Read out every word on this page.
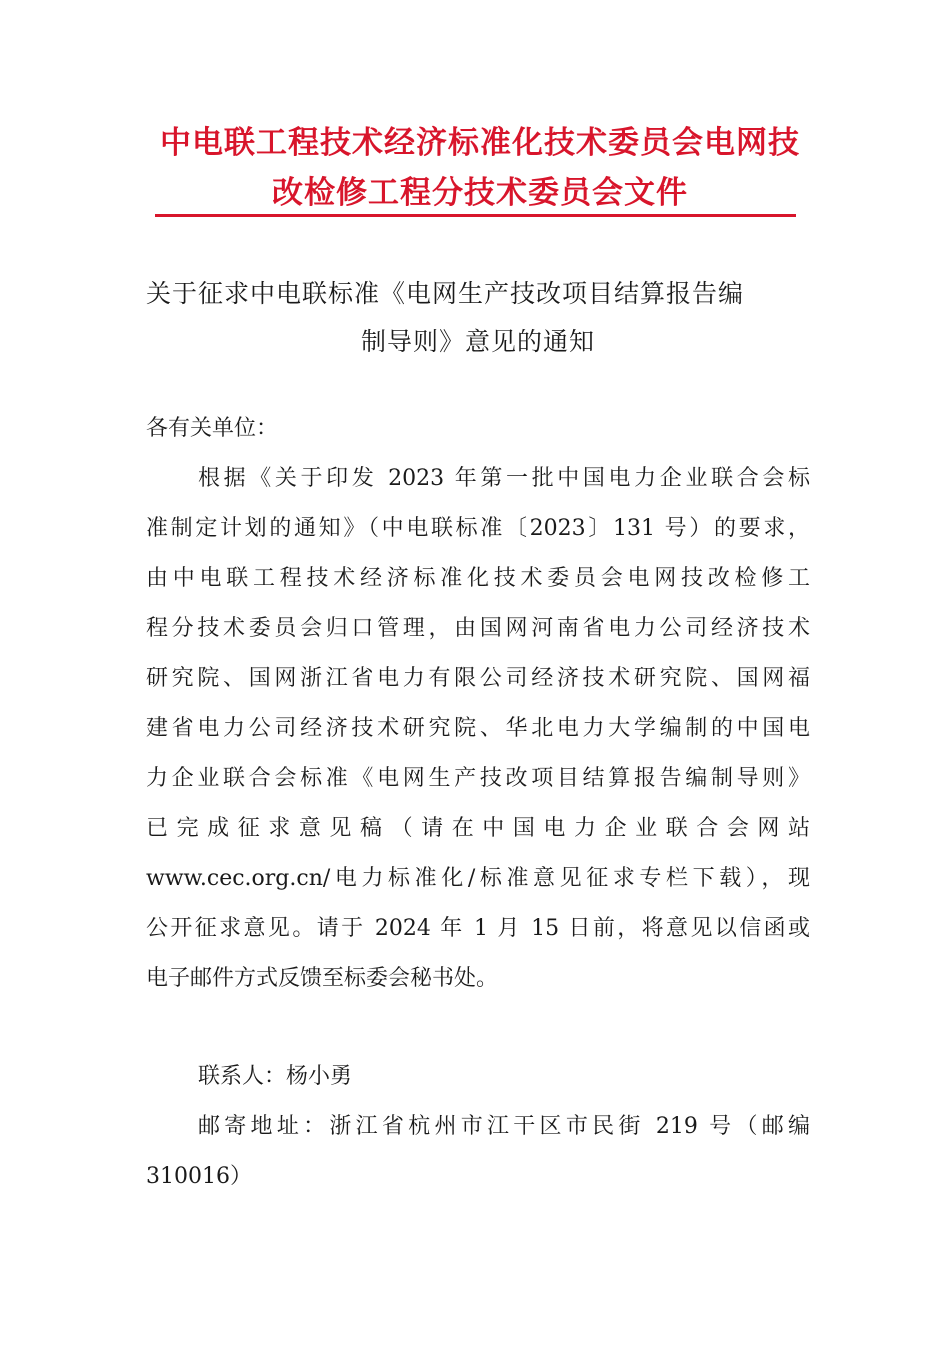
中电联工程技术经济标准化技术委员会电网技
改检修工程分技术委员会文件
关于征求中电联标准《电网生产技改项目结算报告编
制导则》意见的通知
各有关单位：
根据《关于印发 2023 年第一批中国电力企业联合会标
准制定计划的通知》（中电联标准〔2023〕131 号）的要求，
由中电联工程技术经济标准化技术委员会电网技改检修工
程分技术委员会归口管理，由国网河南省电力公司经济技术
研究院、国网浙江省电力有限公司经济技术研究院、国网福
建省电力公司经济技术研究院、华北电力大学编制的中国电
力企业联合会标准《电网生产技改项目结算报告编制导则》
已完成征求意见稿（请在中国电力企业联合会网站
www.cec.org.cn/电力标准化/标准意见征求专栏下载），现
公开征求意见。请于 2024 年 1 月 15 日前，将意见以信函或
电子邮件方式反馈至标委会秘书处。
联系人：杨小勇
邮寄地址：浙江省杭州市江干区市民街 219 号（邮编
310016）
